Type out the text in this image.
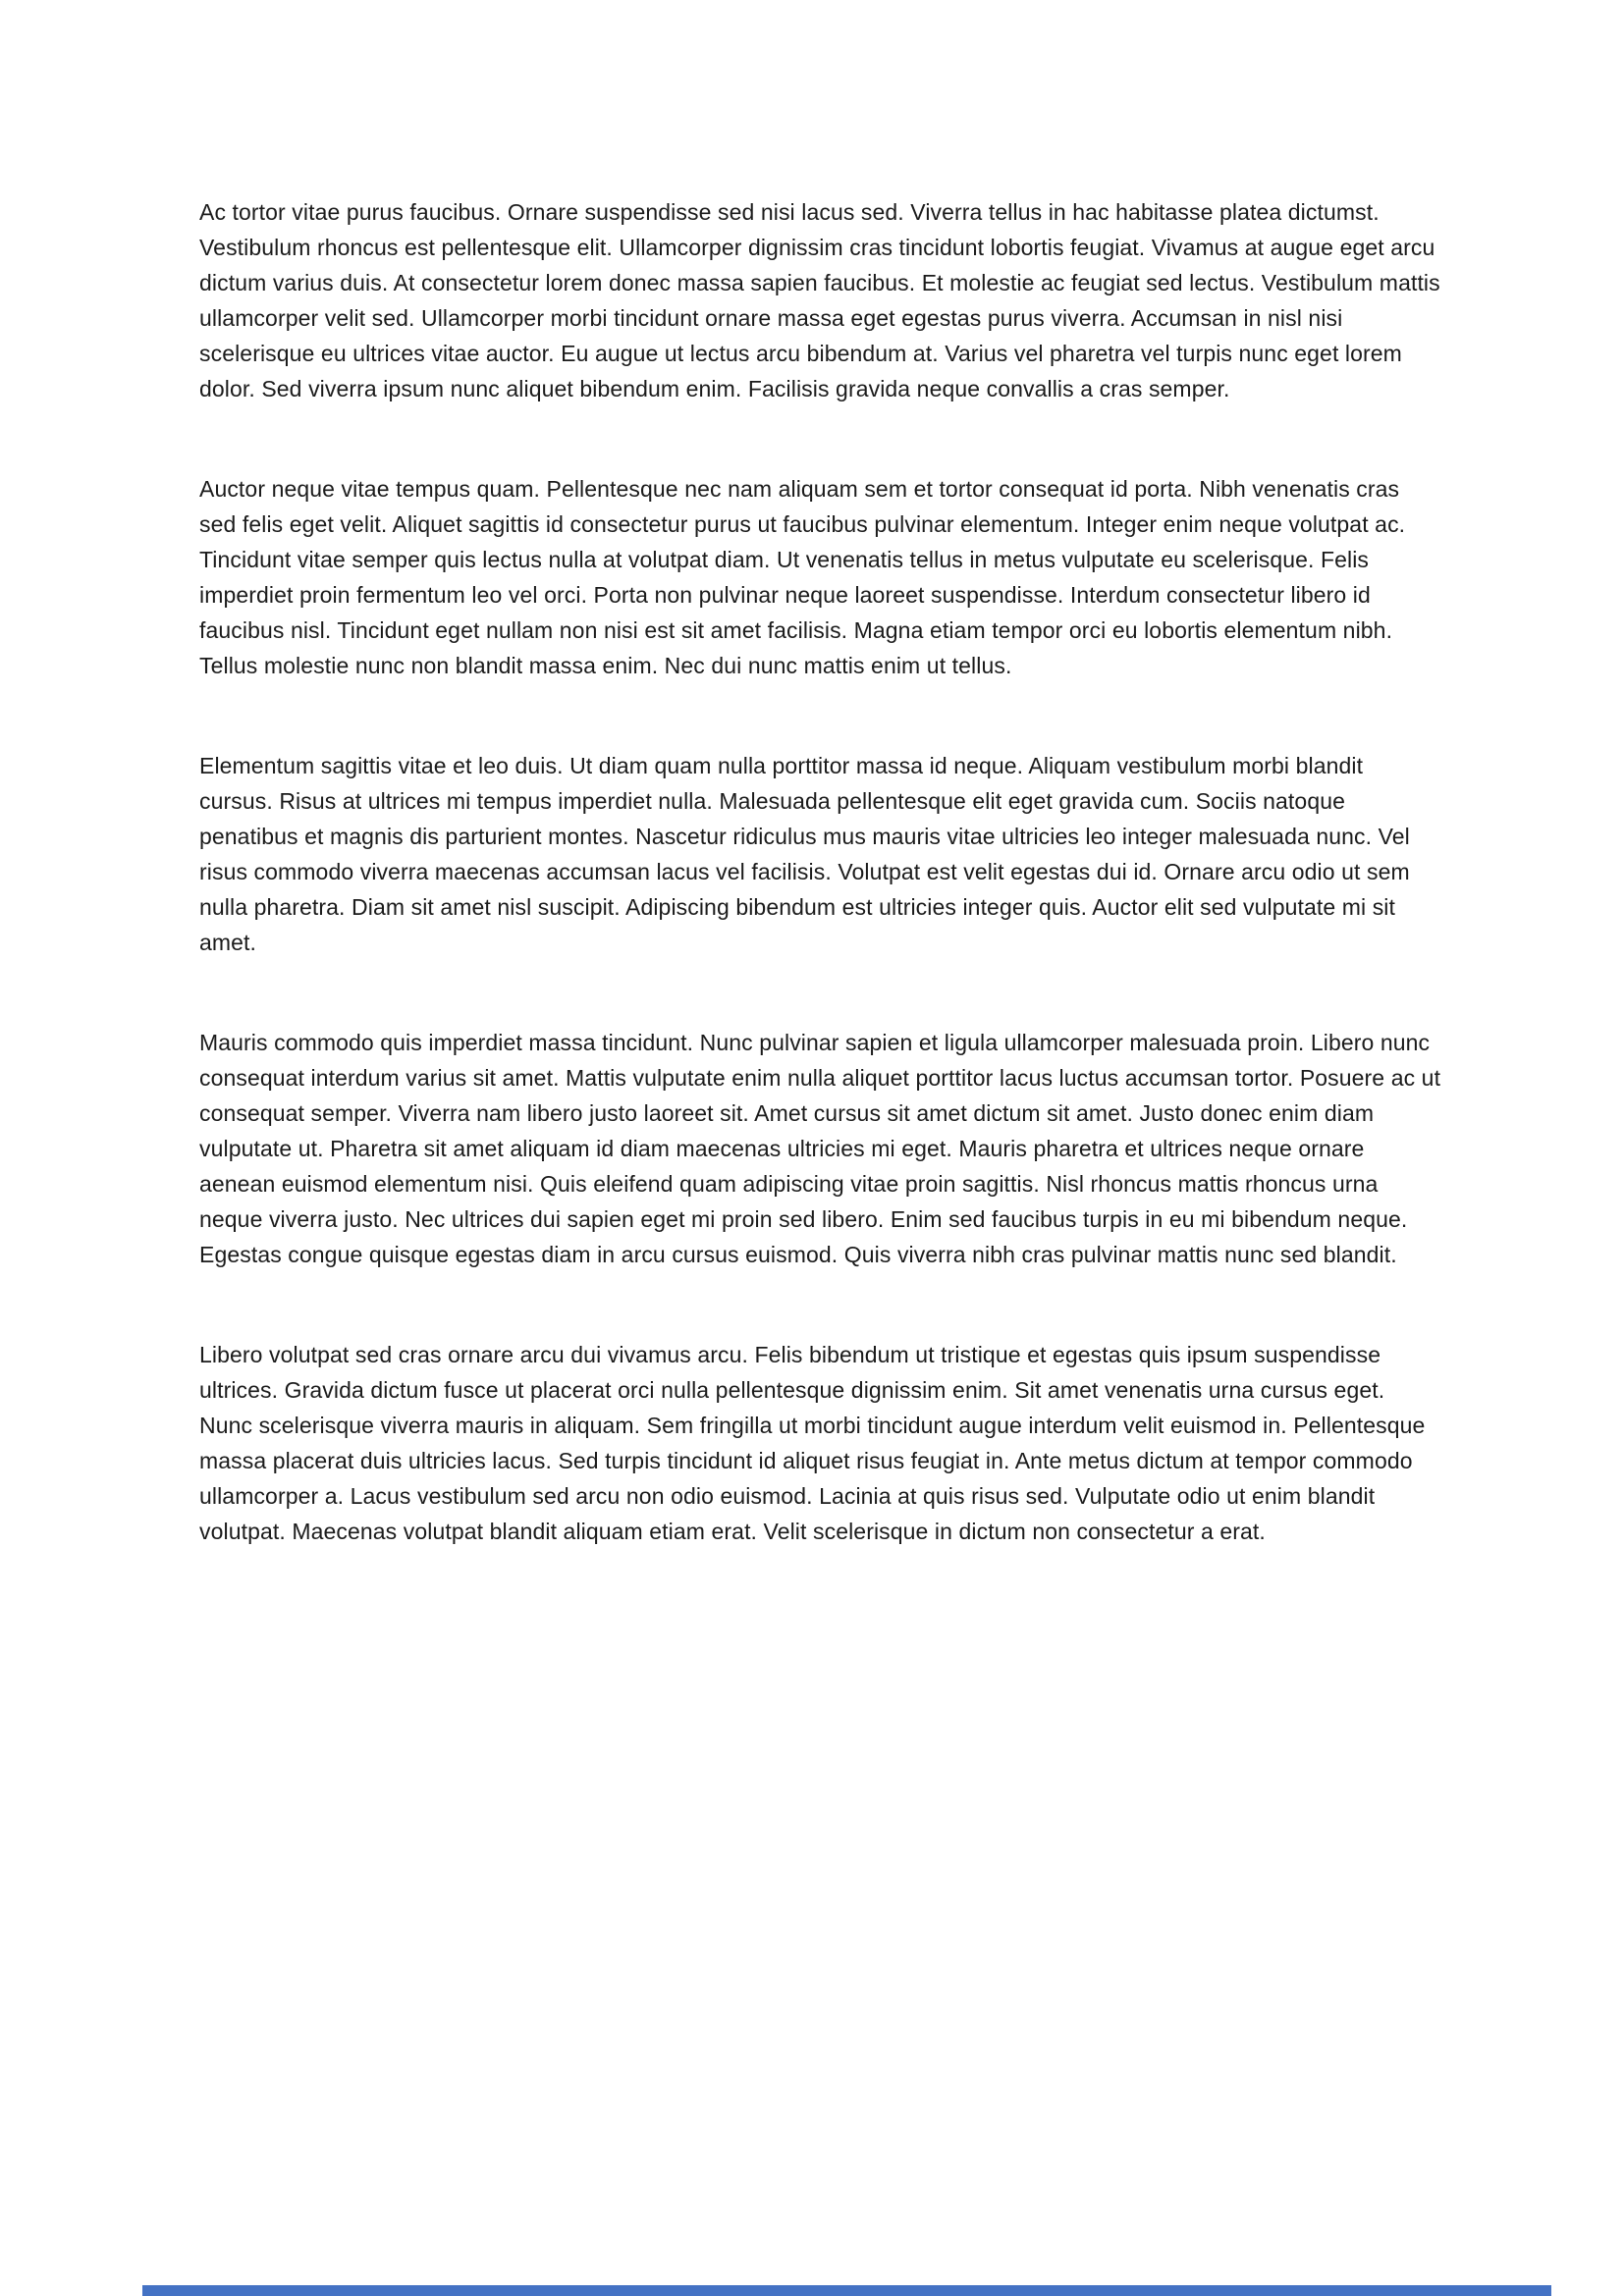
Ac tortor vitae purus faucibus. Ornare suspendisse sed nisi lacus sed. Viverra tellus in hac habitasse platea dictumst. Vestibulum rhoncus est pellentesque elit. Ullamcorper dignissim cras tincidunt lobortis feugiat. Vivamus at augue eget arcu dictum varius duis. At consectetur lorem donec massa sapien faucibus. Et molestie ac feugiat sed lectus. Vestibulum mattis ullamcorper velit sed. Ullamcorper morbi tincidunt ornare massa eget egestas purus viverra. Accumsan in nisl nisi scelerisque eu ultrices vitae auctor. Eu augue ut lectus arcu bibendum at. Varius vel pharetra vel turpis nunc eget lorem dolor. Sed viverra ipsum nunc aliquet bibendum enim. Facilisis gravida neque convallis a cras semper.

Auctor neque vitae tempus quam. Pellentesque nec nam aliquam sem et tortor consequat id porta. Nibh venenatis cras sed felis eget velit. Aliquet sagittis id consectetur purus ut faucibus pulvinar elementum. Integer enim neque volutpat ac. Tincidunt vitae semper quis lectus nulla at volutpat diam. Ut venenatis tellus in metus vulputate eu scelerisque. Felis imperdiet proin fermentum leo vel orci. Porta non pulvinar neque laoreet suspendisse. Interdum consectetur libero id faucibus nisl. Tincidunt eget nullam non nisi est sit amet facilisis. Magna etiam tempor orci eu lobortis elementum nibh. Tellus molestie nunc non blandit massa enim. Nec dui nunc mattis enim ut tellus.

Elementum sagittis vitae et leo duis. Ut diam quam nulla porttitor massa id neque. Aliquam vestibulum morbi blandit cursus. Risus at ultrices mi tempus imperdiet nulla. Malesuada pellentesque elit eget gravida cum. Sociis natoque penatibus et magnis dis parturient montes. Nascetur ridiculus mus mauris vitae ultricies leo integer malesuada nunc. Vel risus commodo viverra maecenas accumsan lacus vel facilisis. Volutpat est velit egestas dui id. Ornare arcu odio ut sem nulla pharetra. Diam sit amet nisl suscipit. Adipiscing bibendum est ultricies integer quis. Auctor elit sed vulputate mi sit amet.

Mauris commodo quis imperdiet massa tincidunt. Nunc pulvinar sapien et ligula ullamcorper malesuada proin. Libero nunc consequat interdum varius sit amet. Mattis vulputate enim nulla aliquet porttitor lacus luctus accumsan tortor. Posuere ac ut consequat semper. Viverra nam libero justo laoreet sit. Amet cursus sit amet dictum sit amet. Justo donec enim diam vulputate ut. Pharetra sit amet aliquam id diam maecenas ultricies mi eget. Mauris pharetra et ultrices neque ornare aenean euismod elementum nisi. Quis eleifend quam adipiscing vitae proin sagittis. Nisl rhoncus mattis rhoncus urna neque viverra justo. Nec ultrices dui sapien eget mi proin sed libero. Enim sed faucibus turpis in eu mi bibendum neque. Egestas congue quisque egestas diam in arcu cursus euismod. Quis viverra nibh cras pulvinar mattis nunc sed blandit.

Libero volutpat sed cras ornare arcu dui vivamus arcu. Felis bibendum ut tristique et egestas quis ipsum suspendisse ultrices. Gravida dictum fusce ut placerat orci nulla pellentesque dignissim enim. Sit amet venenatis urna cursus eget. Nunc scelerisque viverra mauris in aliquam. Sem fringilla ut morbi tincidunt augue interdum velit euismod in. Pellentesque massa placerat duis ultricies lacus. Sed turpis tincidunt id aliquet risus feugiat in. Ante metus dictum at tempor commodo ullamcorper a. Lacus vestibulum sed arcu non odio euismod. Lacinia at quis risus sed. Vulputate odio ut enim blandit volutpat. Maecenas volutpat blandit aliquam etiam erat. Velit scelerisque in dictum non consectetur a erat.
